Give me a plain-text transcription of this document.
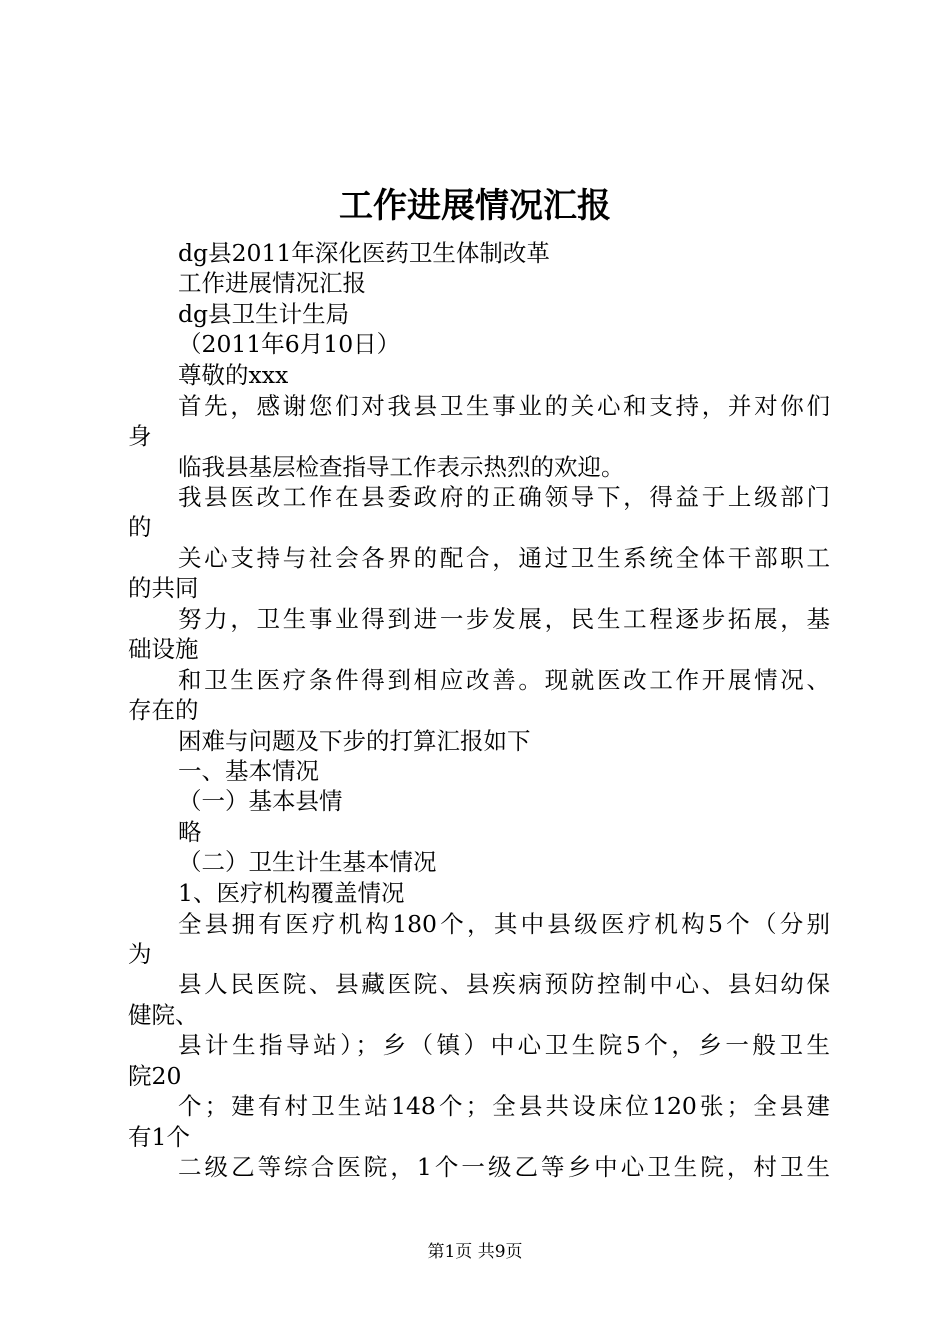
工作进展情况汇报
dg县2011年深化医药卫生体制改革
工作进展情况汇报
dg县卫生计生局
（2011年6月10日）
尊敬的xxx
首先，感谢您们对我县卫生事业的关心和支持，并对你们
身
临我县基层检查指导工作表示热烈的欢迎。
我县医改工作在县委政府的正确领导下，得益于上级部门
的
关心支持与社会各界的配合，通过卫生系统全体干部职工
的共同
努力，卫生事业得到进一步发展，民生工程逐步拓展，基
础设施
和卫生医疗条件得到相应改善。现就医改工作开展情况、
存在的
困难与问题及下步的打算汇报如下
一、基本情况
（一）基本县情
略
（二）卫生计生基本情况
1、医疗机构覆盖情况
全县拥有医疗机构180个，其中县级医疗机构5个（分别
为
县人民医院、县藏医院、县疾病预防控制中心、县妇幼保
健院、
县计生指导站）；乡（镇）中心卫生院5个，乡一般卫生
院20
个；建有村卫生站148个；全县共设床位120张；全县建
有1个
二级乙等综合医院，1个一级乙等乡中心卫生院，村卫生
第1页 共9页
